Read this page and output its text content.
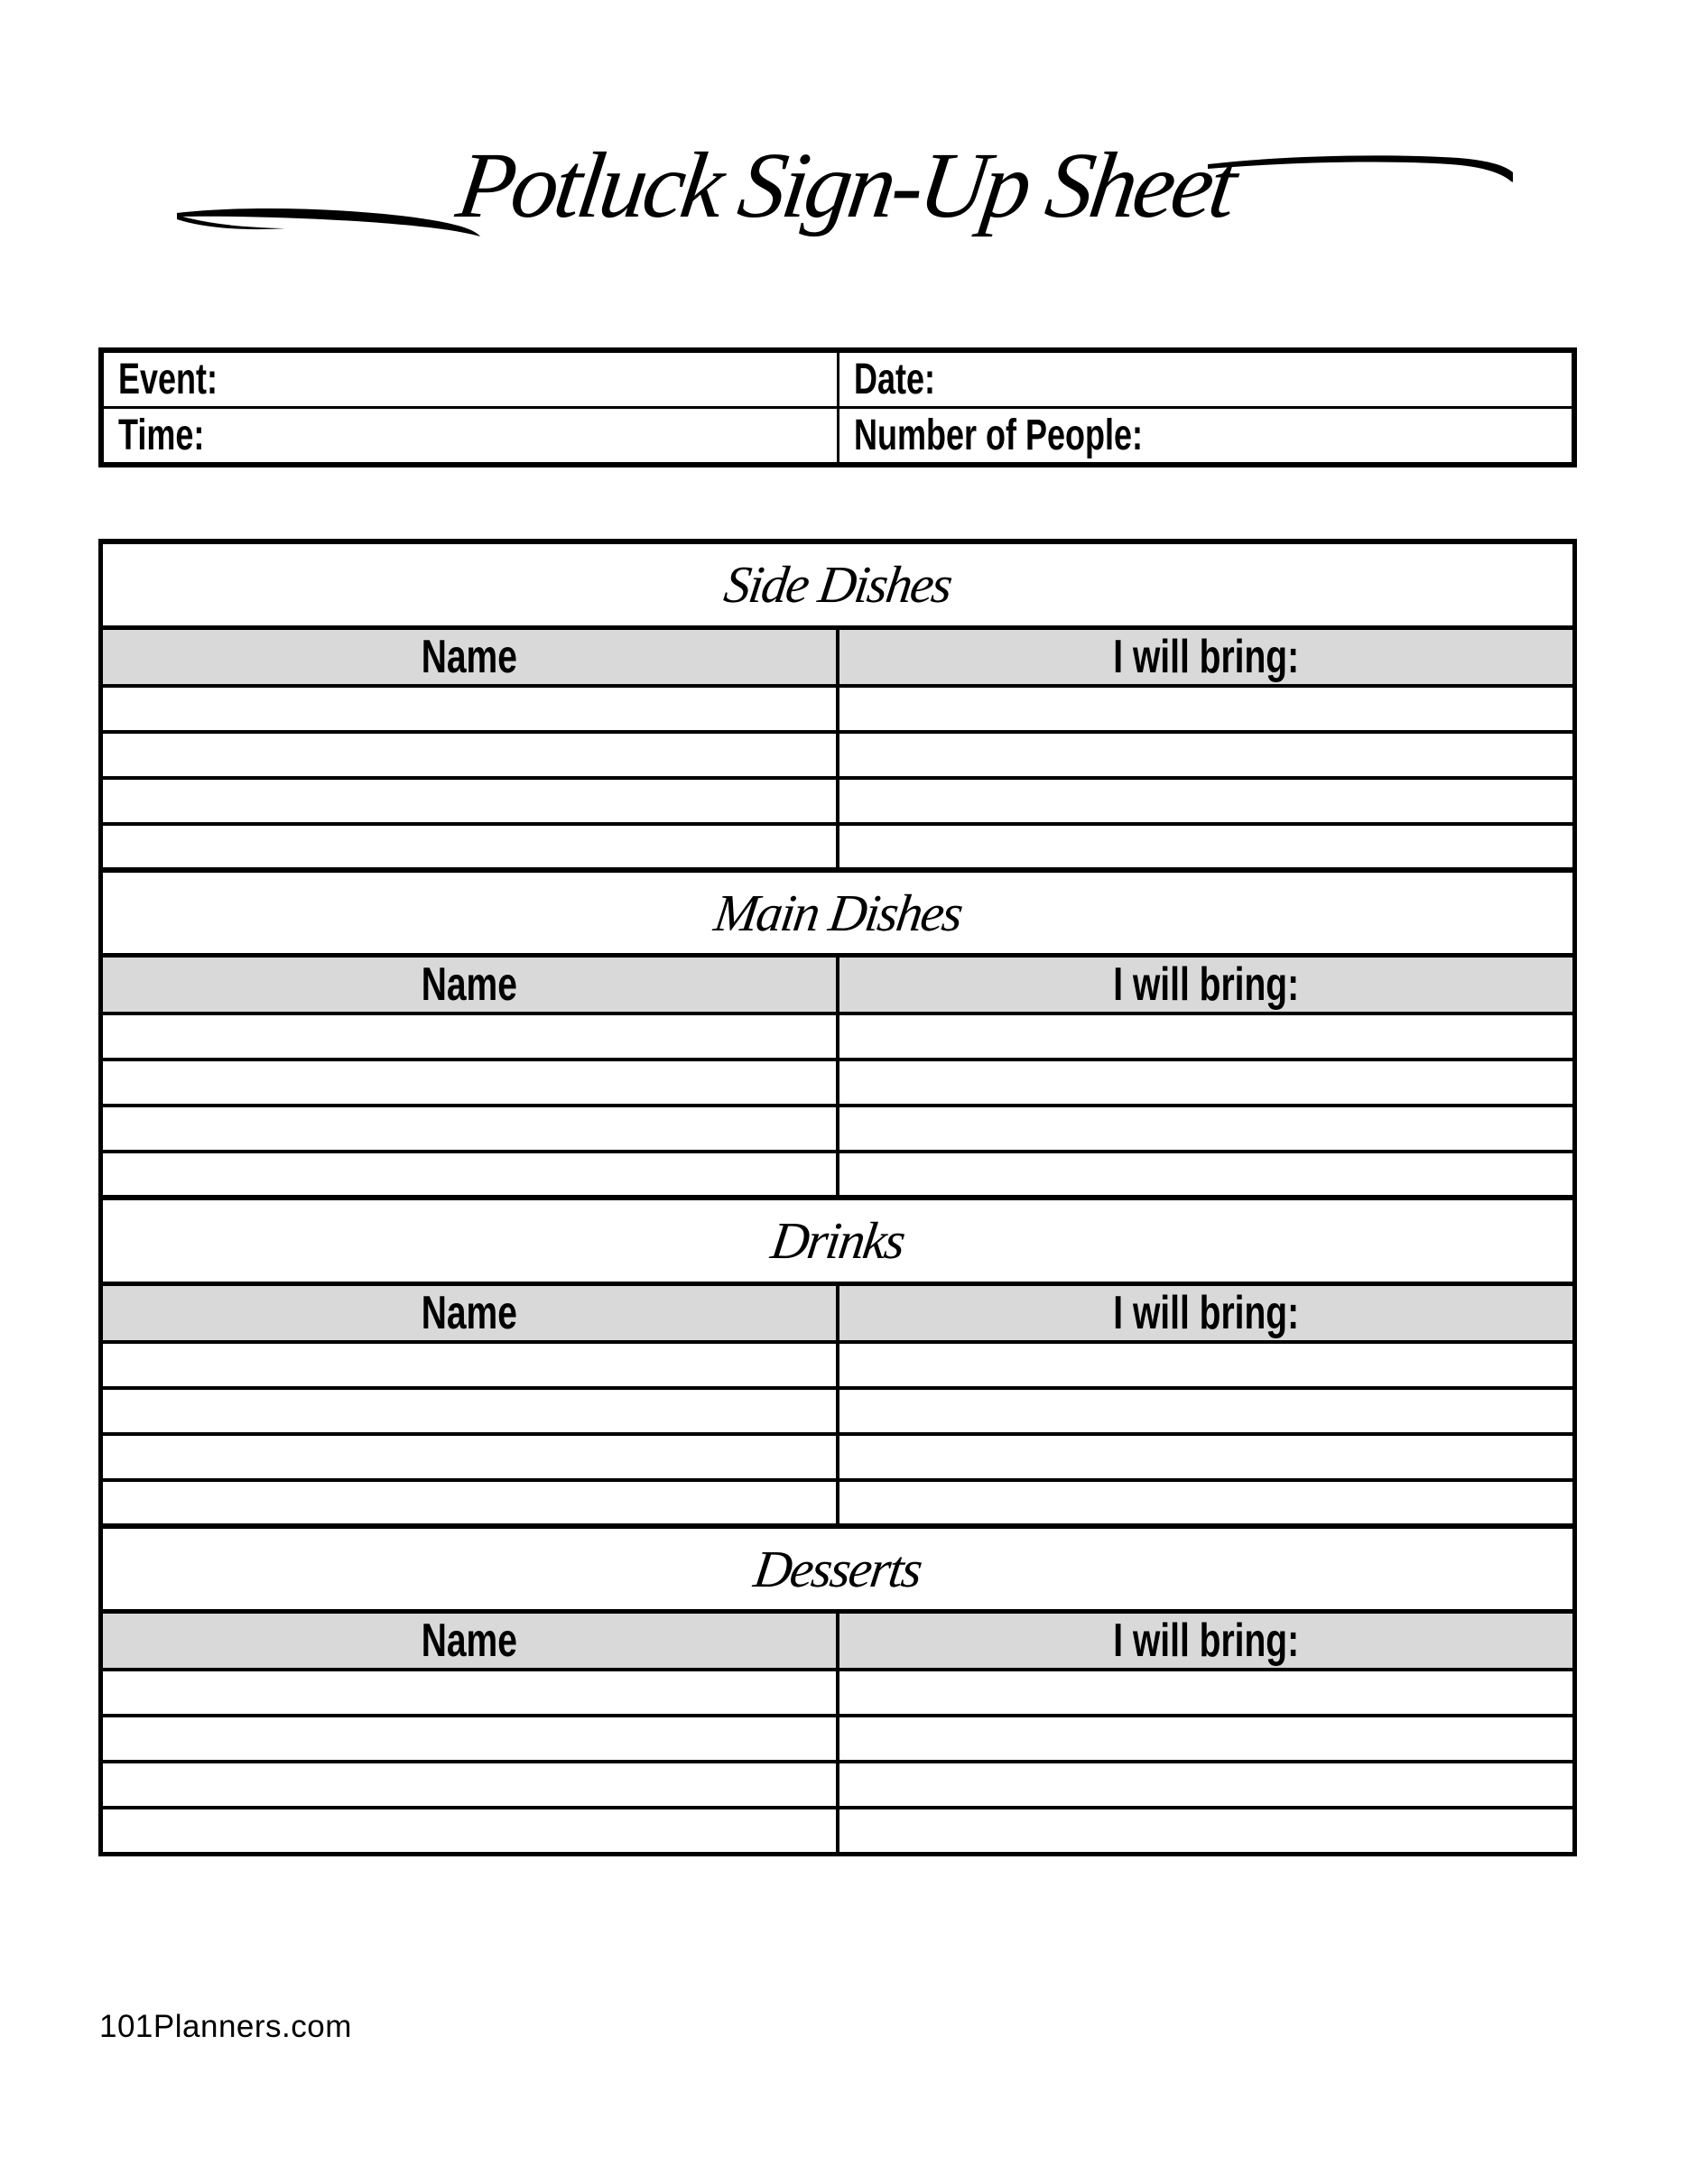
Potluck Sign-Up Sheet
Event:	Date:
Time:	Number of People:
Side Dishes	
Name	I will bring:

Main Dishes	
Name	I will bring:

Drinks	
Name	I will bring:

Desserts	
Name	I will bring:

101Planners.com
